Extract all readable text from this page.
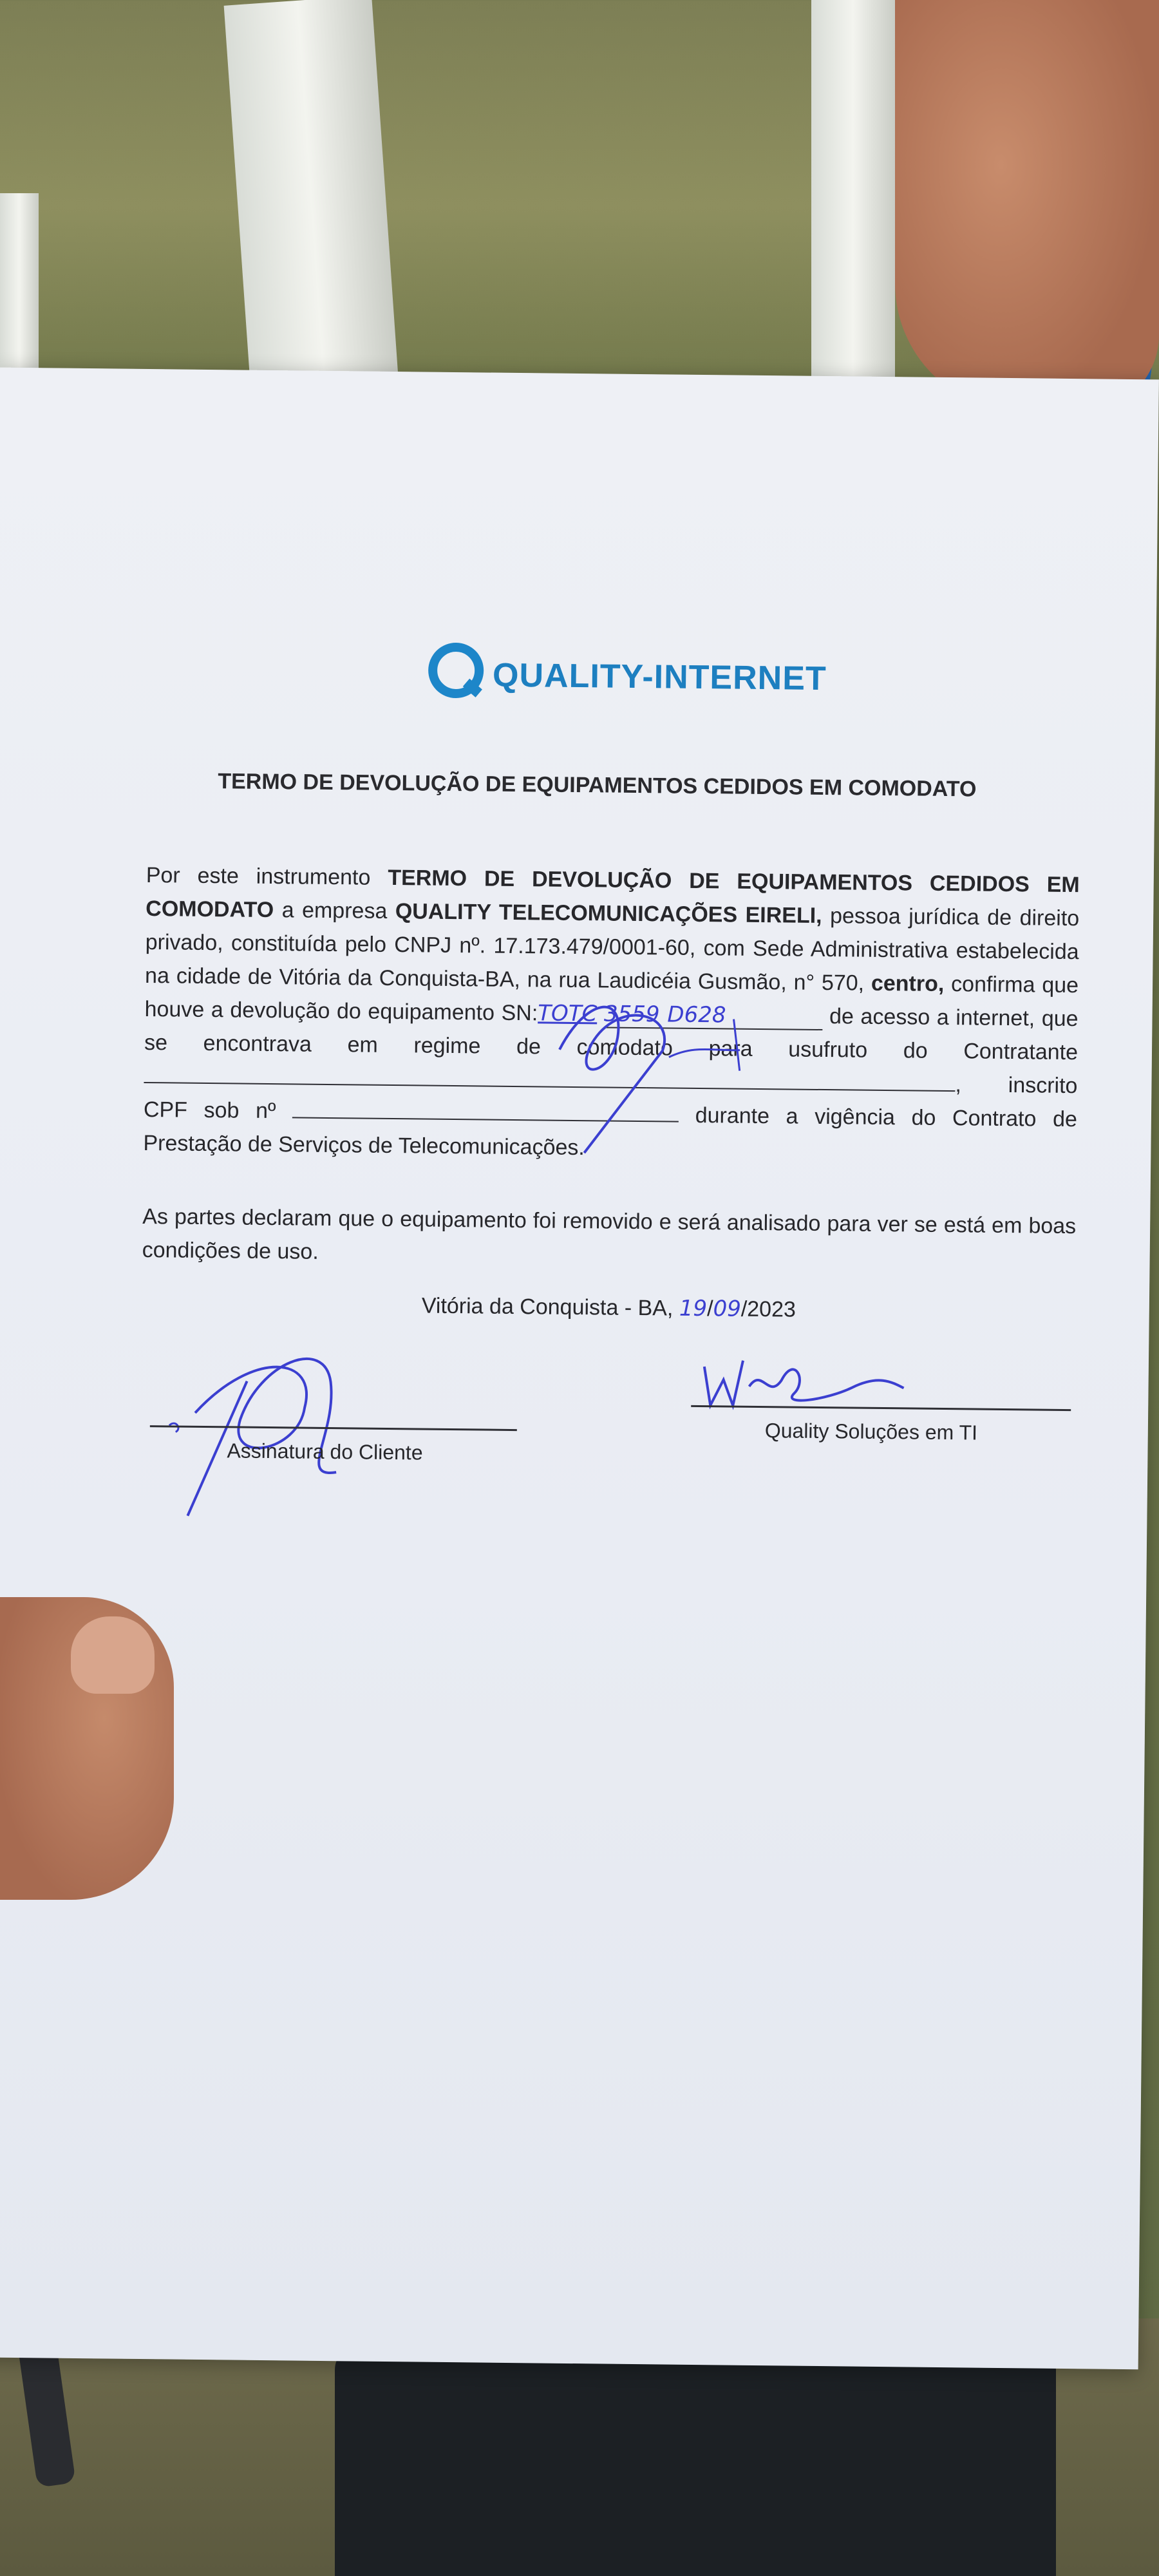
QUALITY-INTERNET
TERMO DE DEVOLUÇÃO DE EQUIPAMENTOS CEDIDOS EM COMODATO
Por este instrumento TERMO DE DEVOLUÇÃO DE EQUIPAMENTOS CEDIDOS EM COMODATO a empresa QUALITY TELECOMUNICAÇÕES EIRELI, pessoa jurídica de direito privado, constituída pelo CNPJ nº. 17.173.479/0001-60, com Sede Administrativa estabelecida na cidade de Vitória da Conquista-BA, na rua Laudicéia Gusmão, n° 570, centro, confirma que houve a devolução do equipamento SN:TOTC 3559 D628	de acesso a internet, que se encontrava em regime de comodato para usufruto do Contratante , inscrito CPF sob nº	durante a vigência do Contrato de Prestação de Serviços de Telecomunicações.
As partes declaram que o equipamento foi removido e será analisado para ver se está em boas condições de uso.
Vitória da Conquista - BA, 19/09/2023
Assinatura do Cliente
Quality Soluções em TI
